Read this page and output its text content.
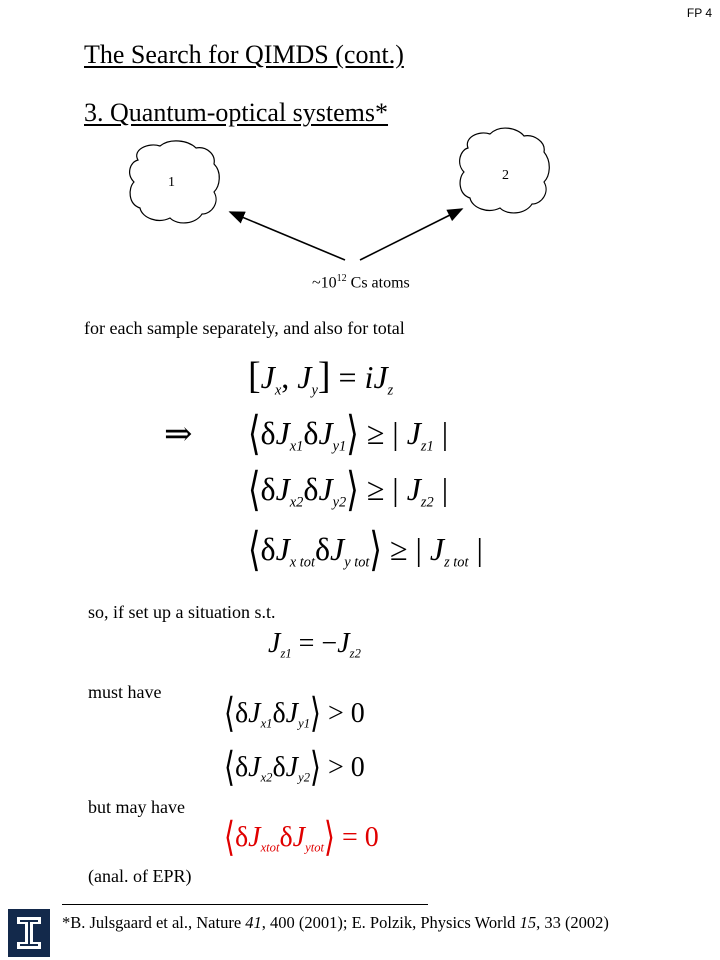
FP 4
The Search for QIMDS (cont.)
3. Quantum-optical systems*
1	2
$\sim 10^{12}$ Cs atoms
for each sample separately, and also for total
[$J_x$, $J_y] = iJ_z$
⇒ $⟨\delta J_{x1}\delta J_{y1}⟩$ ≥ | $J_{z1}$ |
$⟨\delta J_{x2}\delta J_{y2}⟩$ ≥ | $J_{z2}$ |
$⟨\delta J_{x tot}\delta J_{y tot}⟩$ ≥ | $J_{z tot}$ |
so, if set up a situation s.t.
$J_{z1} = -J_{z2}$
must have $⟨\delta J_{x1}\delta J_{y1}⟩ > 0$
$⟨\delta J_{x2}\delta J_{y2}⟩ > 0$
but may have
$⟨\delta J_{xtot}\delta J_{ytot}⟩ = 0$
(anal. of EPR)
*B. Julsgaard et al., Nature 41, 400 (2001); E. Polzik, Physics World 15, 33 (2002)
